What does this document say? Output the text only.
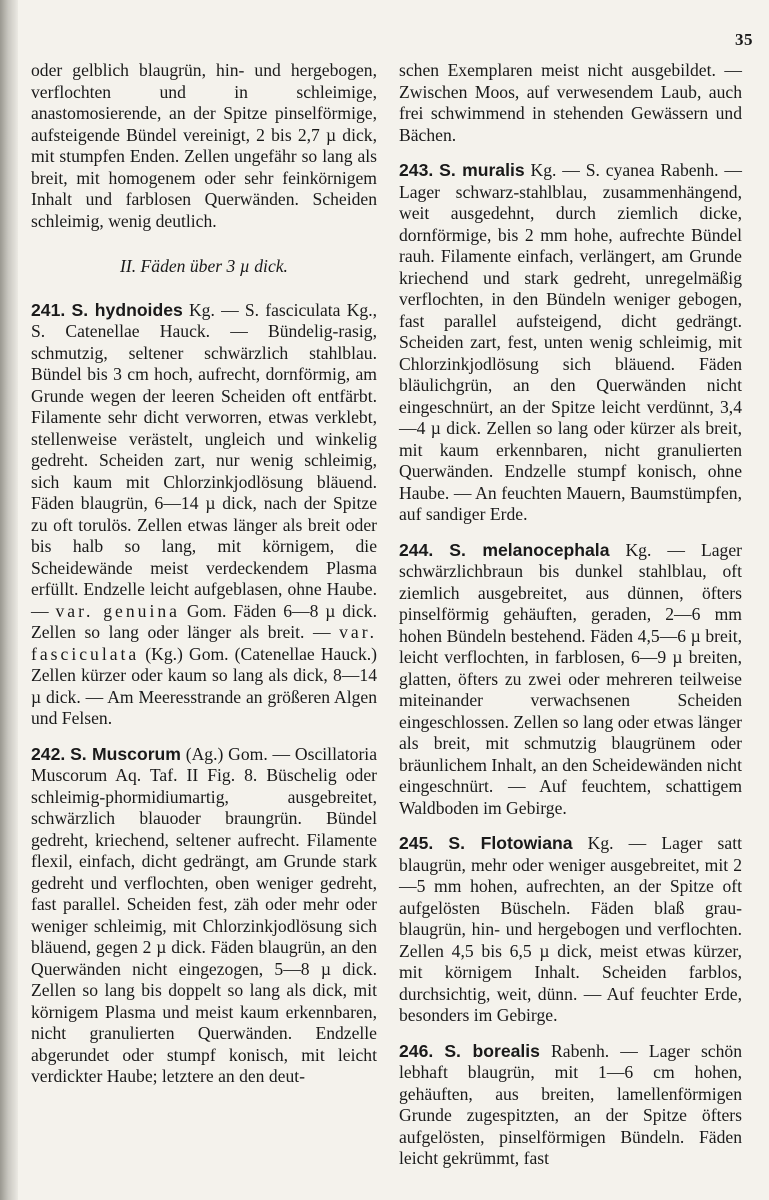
35

oder gelblich blaugrün, hin- und hergebogen, verflochten und in schleimige, anastomosierende, an der Spitze pinselförmige, aufsteigende Bündel vereinigt, 2 bis 2,7 µ dick, mit stumpfen Enden. Zellen ungefähr so lang als breit, mit homogenem oder sehr feinkörnigem Inhalt und farblosen Querwänden. Scheiden schleimig, wenig deutlich.

II. Fäden über 3 µ dick.

241. S. hydnoides Kg. — S. fasciculata Kg., S. Catenellae Hauck. — Bündelig-rasig, schmutzig, seltener schwärzlich stahlblau. Bündel bis 3 cm hoch, aufrecht, dornförmig, am Grunde wegen der leeren Scheiden oft entfärbt. Filamente sehr dicht verworren, etwas verklebt, stellenweise verästelt, ungleich und winkelig gedreht. Scheiden zart, nur wenig schleimig, sich kaum mit Chlorzinkjodlösung bläuend. Fäden blaugrün, 6—14 µ dick, nach der Spitze zu oft torulös. Zellen etwas länger als breit oder bis halb so lang, mit körnigem, die Scheidewände meist verdeckendem Plasma erfüllt. Endzelle leicht aufgeblasen, ohne Haube. — var. genuina Gom. Fäden 6—8 µ dick. Zellen so lang oder länger als breit. — var. fasciculata (Kg.) Gom. (Catenellae Hauck.) Zellen kürzer oder kaum so lang als dick, 8—14 µ dick. — Am Meeresstrande an größeren Algen und Felsen.

242. S. Muscorum (Ag.) Gom. — Oscillatoria Muscorum Aq. Taf. II Fig. 8. Büschelig oder schleimig-phormidiumartig, ausgebreitet, schwärzlich blauoder braungrün. Bündel gedreht, kriechend, seltener aufrecht. Filamente flexil, einfach, dicht gedrängt, am Grunde stark gedreht und verflochten, oben weniger gedreht, fast parallel. Scheiden fest, zäh oder mehr oder weniger schleimig, mit Chlorzinkjodlösung sich bläuend, gegen 2 µ dick. Fäden blaugrün, an den Querwänden nicht eingezogen, 5—8 µ dick. Zellen so lang bis doppelt so lang als dick, mit körnigem Plasma und meist kaum erkennbaren, nicht granulierten Querwänden. Endzelle abgerundet oder stumpf konisch, mit leicht verdickter Haube; letztere an den deut-

schen Exemplaren meist nicht ausgebildet. — Zwischen Moos, auf verwesendem Laub, auch frei schwimmend in stehenden Gewässern und Bächen.

243. S. muralis Kg. — S. cyanea Rabenh. — Lager schwarz-stahlblau, zusammenhängend, weit ausgedehnt, durch ziemlich dicke, dornförmige, bis 2 mm hohe, aufrechte Bündel rauh. Filamente einfach, verlängert, am Grunde kriechend und stark gedreht, unregelmäßig verflochten, in den Bündeln weniger gebogen, fast parallel aufsteigend, dicht gedrängt. Scheiden zart, fest, unten wenig schleimig, mit Chlorzinkjodlösung sich bläuend. Fäden bläulichgrün, an den Querwänden nicht eingeschnürt, an der Spitze leicht verdünnt, 3,4—4 µ dick. Zellen so lang oder kürzer als breit, mit kaum erkennbaren, nicht granulierten Querwänden. Endzelle stumpf konisch, ohne Haube. — An feuchten Mauern, Baumstümpfen, auf sandiger Erde.

244. S. melanocephala Kg. — Lager schwärzlichbraun bis dunkel stahlblau, oft ziemlich ausgebreitet, aus dünnen, öfters pinselförmig gehäuften, geraden, 2—6 mm hohen Bündeln bestehend. Fäden 4,5—6 µ breit, leicht verflochten, in farblosen, 6—9 µ breiten, glatten, öfters zu zwei oder mehreren teilweise miteinander verwachsenen Scheiden eingeschlossen. Zellen so lang oder etwas länger als breit, mit schmutzig blaugrünem oder bräunlichem Inhalt, an den Scheidewänden nicht eingeschnürt. — Auf feuchtem, schattigem Waldboden im Gebirge.

245. S. Flotowiana Kg. — Lager satt blaugrün, mehr oder weniger ausgebreitet, mit 2—5 mm hohen, aufrechten, an der Spitze oft aufgelösten Büscheln. Fäden blaß grau-blaugrün, hin- und hergebogen und verflochten. Zellen 4,5 bis 6,5 µ dick, meist etwas kürzer, mit körnigem Inhalt. Scheiden farblos, durchsichtig, weit, dünn. — Auf feuchter Erde, besonders im Gebirge.

246. S. borealis Rabenh. — Lager schön lebhaft blaugrün, mit 1—6 cm hohen, gehäuften, aus breiten, lamellenförmigen Grunde zugespitzten, an der Spitze öfters aufgelösten, pinselförmigen Bündeln. Fäden leicht gekrümmt, fast
